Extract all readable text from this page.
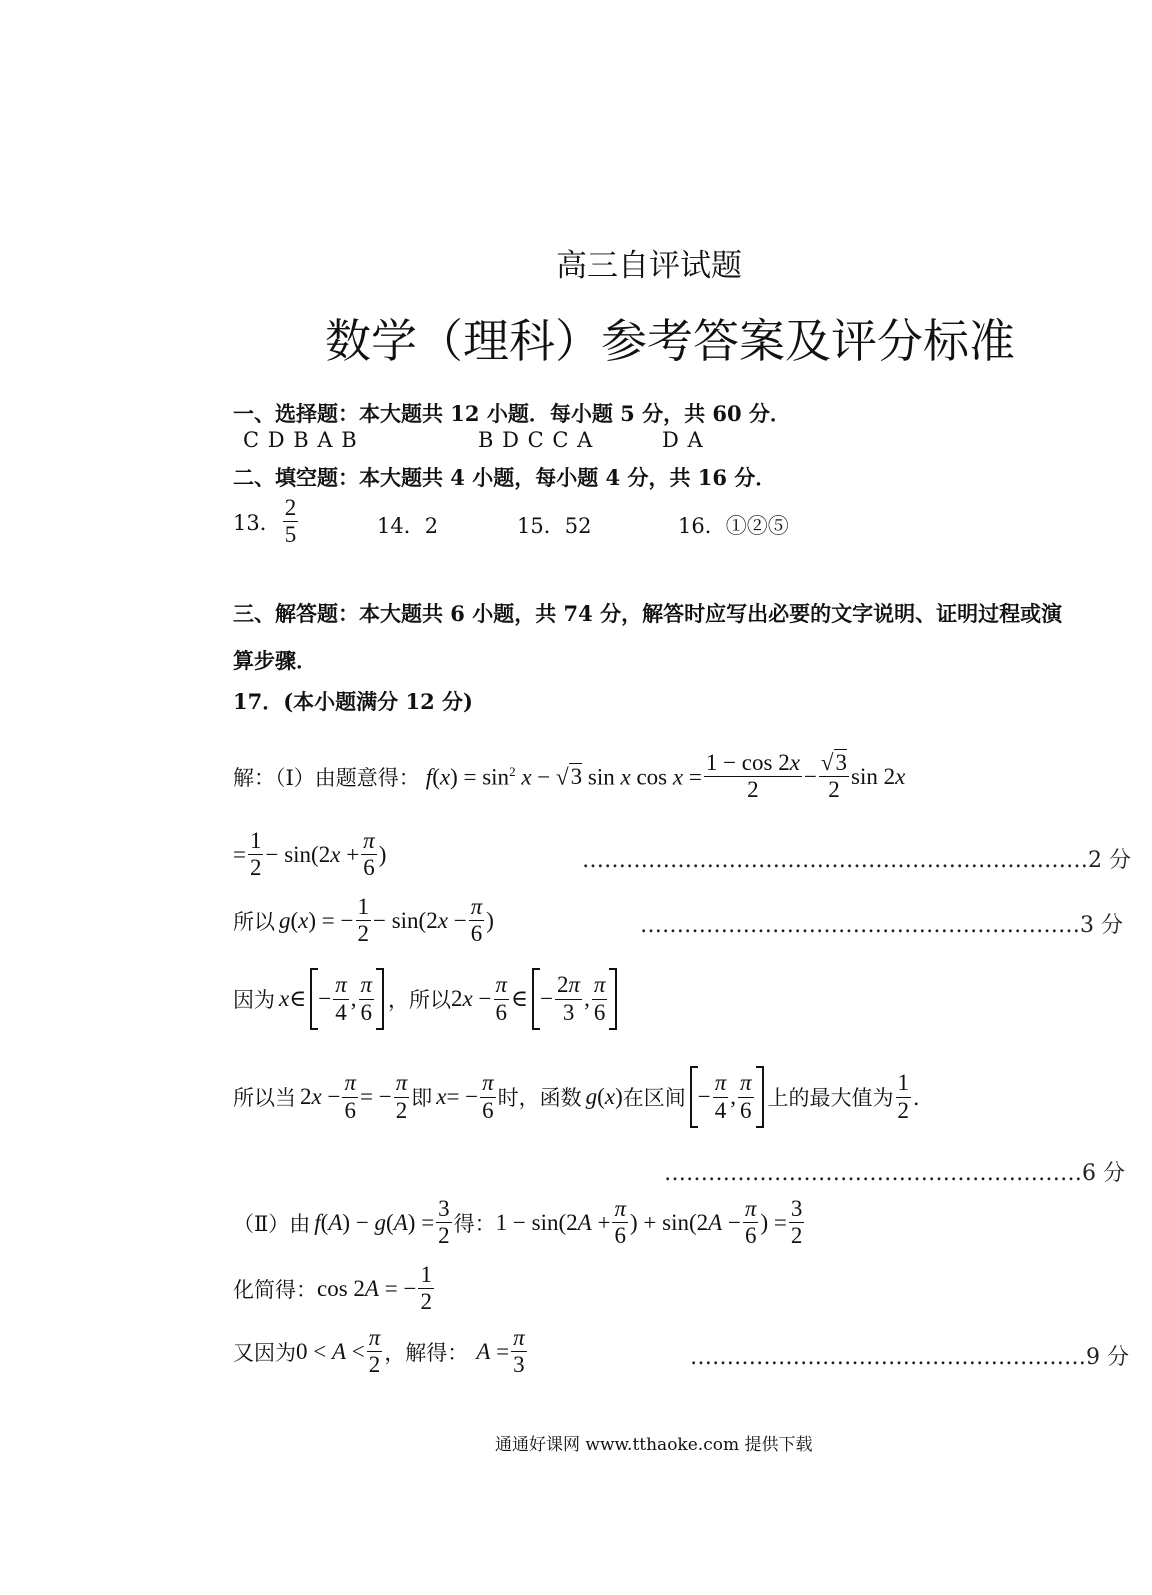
高三自评试题
数学（理科）参考答案及评分标准
一、选择题：本大题共 12 小题．每小题 5 分，共 60 分．
C D B A B	B D C C A	D A
二、填空题：本大题共 4 小题，每小题 4 分，共 16 分．
13． $\frac{2}{5}$	14．2	15．52	16．①②⑤
三、解答题：本大题共 6 小题，共 74 分，解答时应写出必要的文字说明、证明过程或演
算步骤．
17．(本小题满分 12 分)
解：（Ⅰ）由题意得： $f(x) = \sin^2 x - √3$ sin x $\cos x = \frac{1 - \cos 2x}{2} - \frac{√3}{2}$ sin 2x
= $\frac{1}{2} - \sin(2x + \frac{\pi}{6}$ )	……………………………………………………………2 分
所以 g(x) = − $\frac{1}{2} - \sin(2x - \frac{\pi}{6}$ )	……………………………………………………3 分
因为 x ∈ − $\frac{\pi}{4}$ , $\frac{\pi}{6}$ ，所以 $2x - \frac{\pi}{6}$ ∈ − $\frac{2\pi}{3}$ , $\frac{\pi}{6}$
所以当 $2x - \frac{\pi}{6}$ = − $\frac{\pi}{2}$ 即 x = − $\frac{\pi}{6}$ 时，函数 g(x) 在区间 − $\frac{\pi}{4}$ , $\frac{\pi}{6}$ 上的最大值为 $\frac{1}{2}$ ．
…………………………………………………6 分
（Ⅱ）由 $f(A) - g(A) = \frac{3}{2}$ 得： $1 - \sin(2A + \frac{\pi}{6}$ ) + $\sin(2A - \frac{\pi}{6}$ ) = $\frac{3}{2}$
化简得： cos 2A = − $\frac{1}{2}$
又因为 $0 < A < \frac{\pi}{2}$ ，解得： $A = \frac{\pi}{3}$	………………………………………………9 分
通通好课网 www.tthaoke.com 提供下载
